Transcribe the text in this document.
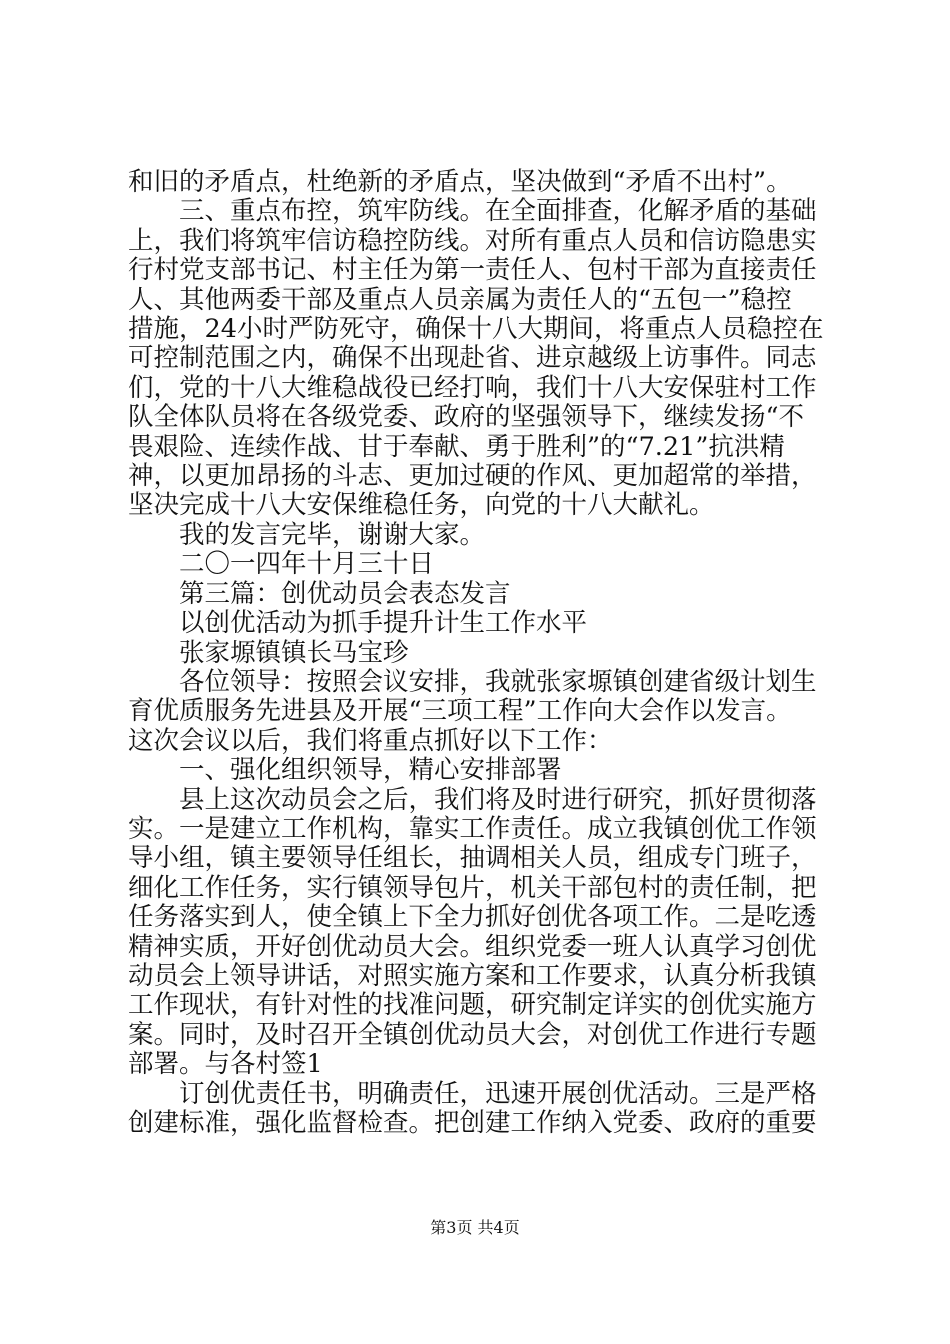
和旧的矛盾点，杜绝新的矛盾点，坚决做到“矛盾不出村”。

三、重点布控，筑牢防线。在全面排查，化解矛盾的基础

上，我们将筑牢信访稳控防线。对所有重点人员和信访隐患实

行村党支部书记、村主任为第一责任人、包村干部为直接责任

人、其他两委干部及重点人员亲属为责任人的“五包一”稳控

措施，24小时严防死守，确保十八大期间，将重点人员稳控在

可控制范围之内，确保不出现赴省、进京越级上访事件。同志

们，党的十八大维稳战役已经打响，我们十八大安保驻村工作

队全体队员将在各级党委、政府的坚强领导下，继续发扬“不

畏艰险、连续作战、甘于奉献、勇于胜利”的“7.21”抗洪精

神，以更加昂扬的斗志、更加过硬的作风、更加超常的举措，

坚决完成十八大安保维稳任务，向党的十八大献礼。

我的发言完毕，谢谢大家。

二〇一四年十月三十日

第三篇：创优动员会表态发言

以创优活动为抓手提升计生工作水平

张家塬镇镇长马宝珍

各位领导：按照会议安排，我就张家塬镇创建省级计划生

育优质服务先进县及开展“三项工程”工作向大会作以发言。

这次会议以后，我们将重点抓好以下工作：

一、强化组织领导，精心安排部署

县上这次动员会之后，我们将及时进行研究，抓好贯彻落

实。一是建立工作机构，靠实工作责任。成立我镇创优工作领

导小组，镇主要领导任组长，抽调相关人员，组成专门班子，

细化工作任务，实行镇领导包片，机关干部包村的责任制，把

任务落实到人，使全镇上下全力抓好创优各项工作。二是吃透

精神实质，开好创优动员大会。组织党委一班人认真学习创优

动员会上领导讲话，对照实施方案和工作要求，认真分析我镇

工作现状，有针对性的找准问题，研究制定详实的创优实施方

案。同时，及时召开全镇创优动员大会，对创优工作进行专题

部署。与各村签1

订创优责任书，明确责任，迅速开展创优活动。三是严格

创建标准，强化监督检查。把创建工作纳入党委、政府的重要

第3页 共4页
